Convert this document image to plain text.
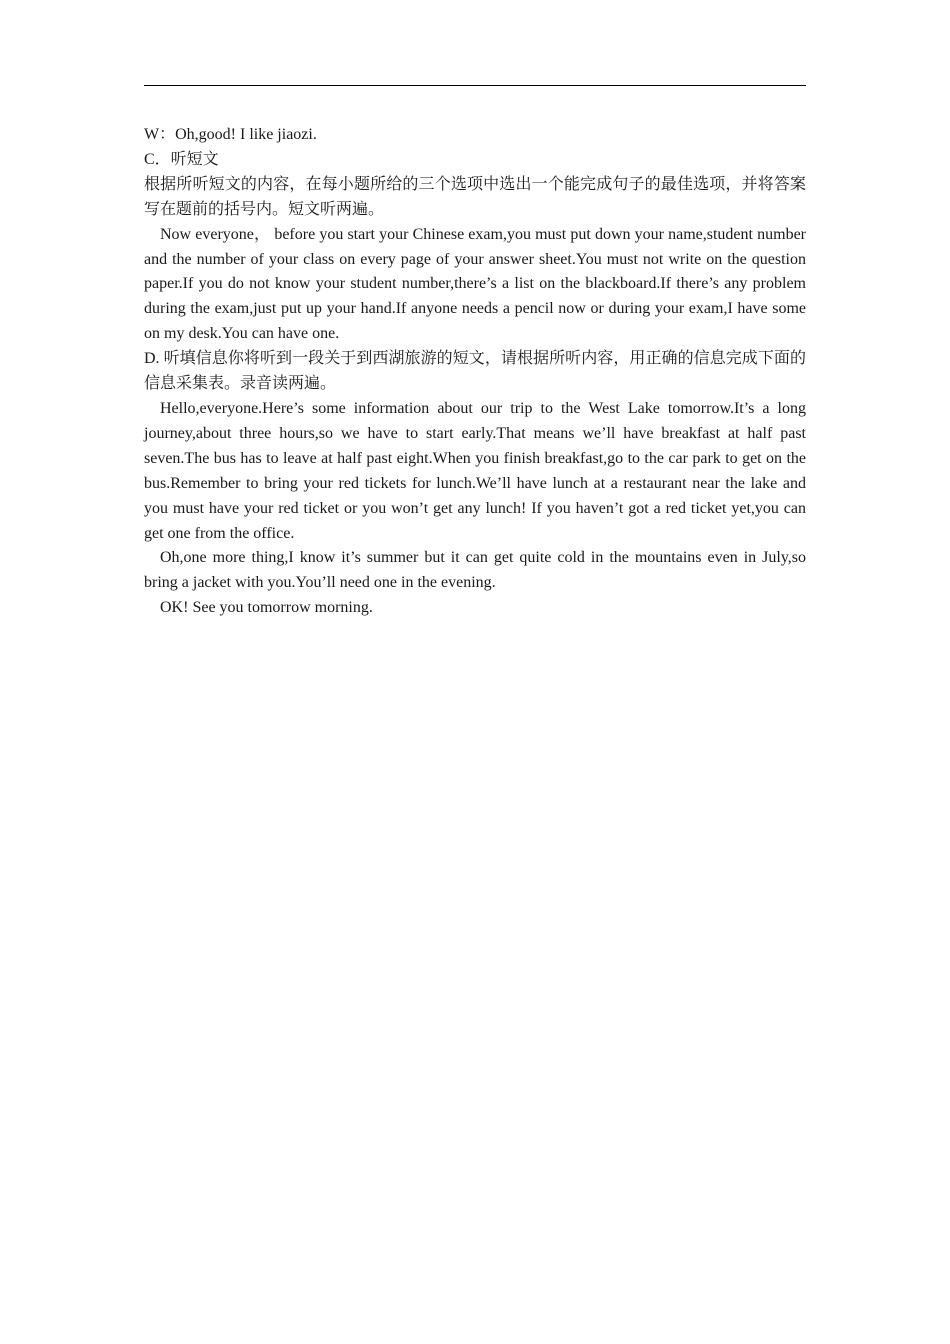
W：Oh,good! I like jiaozi.

C．听短文

根据所听短文的内容，在每小题所给的三个选项中选出一个能完成句子的最佳选项，并将答案写在题前的括号内。短文听两遍。

Now everyone， before you start your Chinese exam,you must put down your name,student number and the number of your class on every page of your answer sheet.You must not write on the question paper.If you do not know your student number,there’s a list on the blackboard.If there’s any problem during the exam,just put up your hand.If anyone needs a pencil now or during your exam,I have some on my desk.You can have one.

D. 听填信息你将听到一段关于到西湖旅游的短文，请根据所听内容，用正确的信息完成下面的信息采集表。录音读两遍。

Hello,everyone.Here’s some information about our trip to the West Lake tomorrow.It’s a long journey,about three hours,so we have to start early.That means we’ll have breakfast at half past seven.The bus has to leave at half past eight.When you finish breakfast,go to the car park to get on the bus.Remember to bring your red tickets for lunch.We’ll have lunch at a restaurant near the lake and you must have your red ticket or you won’t get any lunch! If you haven’t got a red ticket yet,you can get one from the office.

Oh,one more thing,I know it’s summer but it can get quite cold in the mountains even in July,so bring a jacket with you.You’ll need one in the evening.

OK! See you tomorrow morning.
